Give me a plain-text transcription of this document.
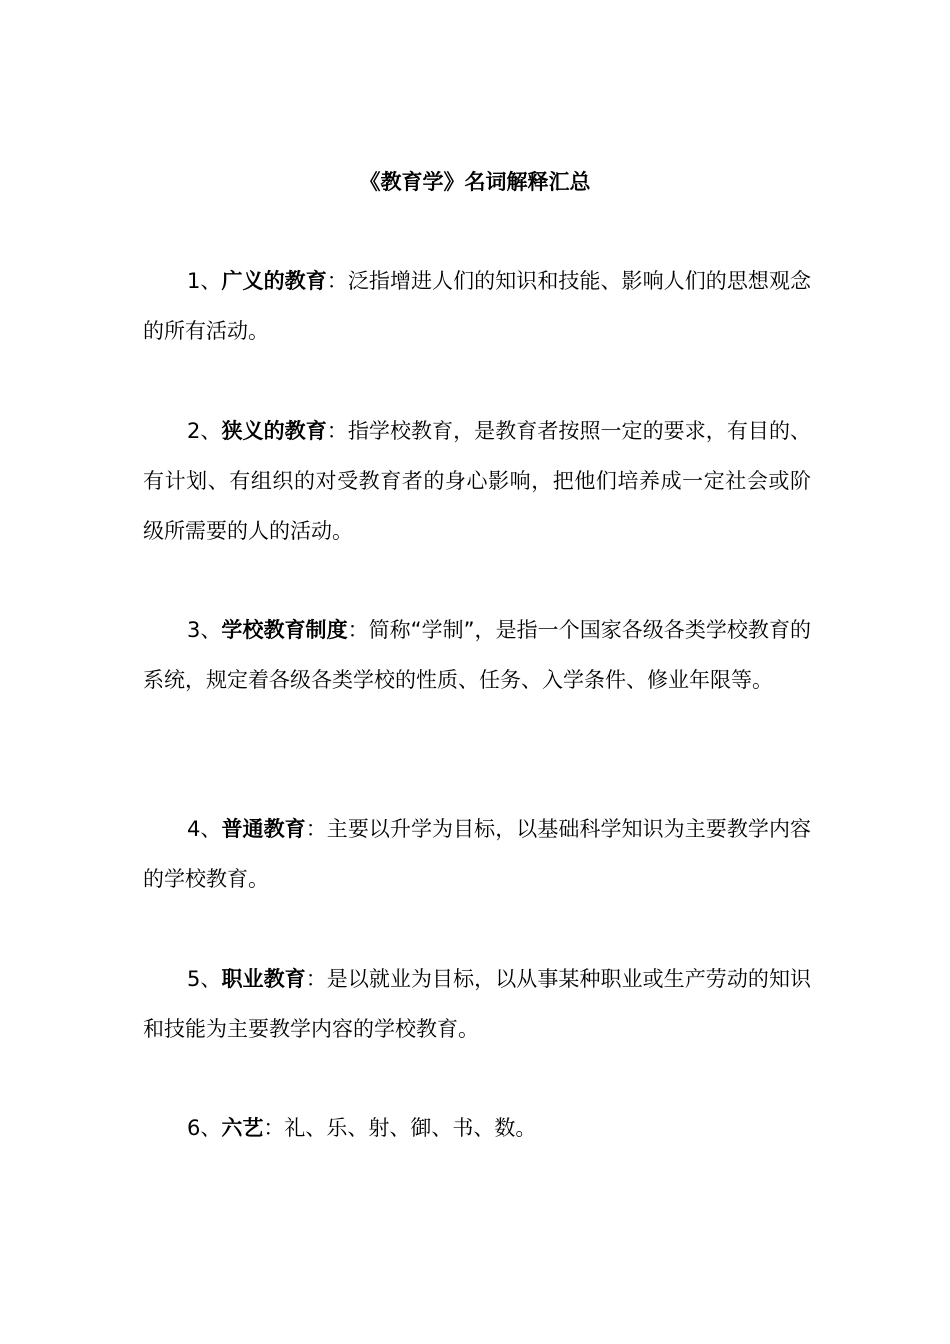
《教育学》名词解释汇总

1、广义的教育：泛指增进人们的知识和技能、影响人们的思想观念的所有活动。

2、狭义的教育：指学校教育，是教育者按照一定的要求，有目的、有计划、有组织的对受教育者的身心影响，把他们培养成一定社会或阶级所需要的人的活动。

3、学校教育制度：简称“学制”，是指一个国家各级各类学校教育的系统，规定着各级各类学校的性质、任务、入学条件、修业年限等。

4、普通教育：主要以升学为目标，以基础科学知识为主要教学内容的学校教育。

5、职业教育：是以就业为目标，以从事某种职业或生产劳动的知识和技能为主要教学内容的学校教育。

6、六艺：礼、乐、射、御、书、数。
